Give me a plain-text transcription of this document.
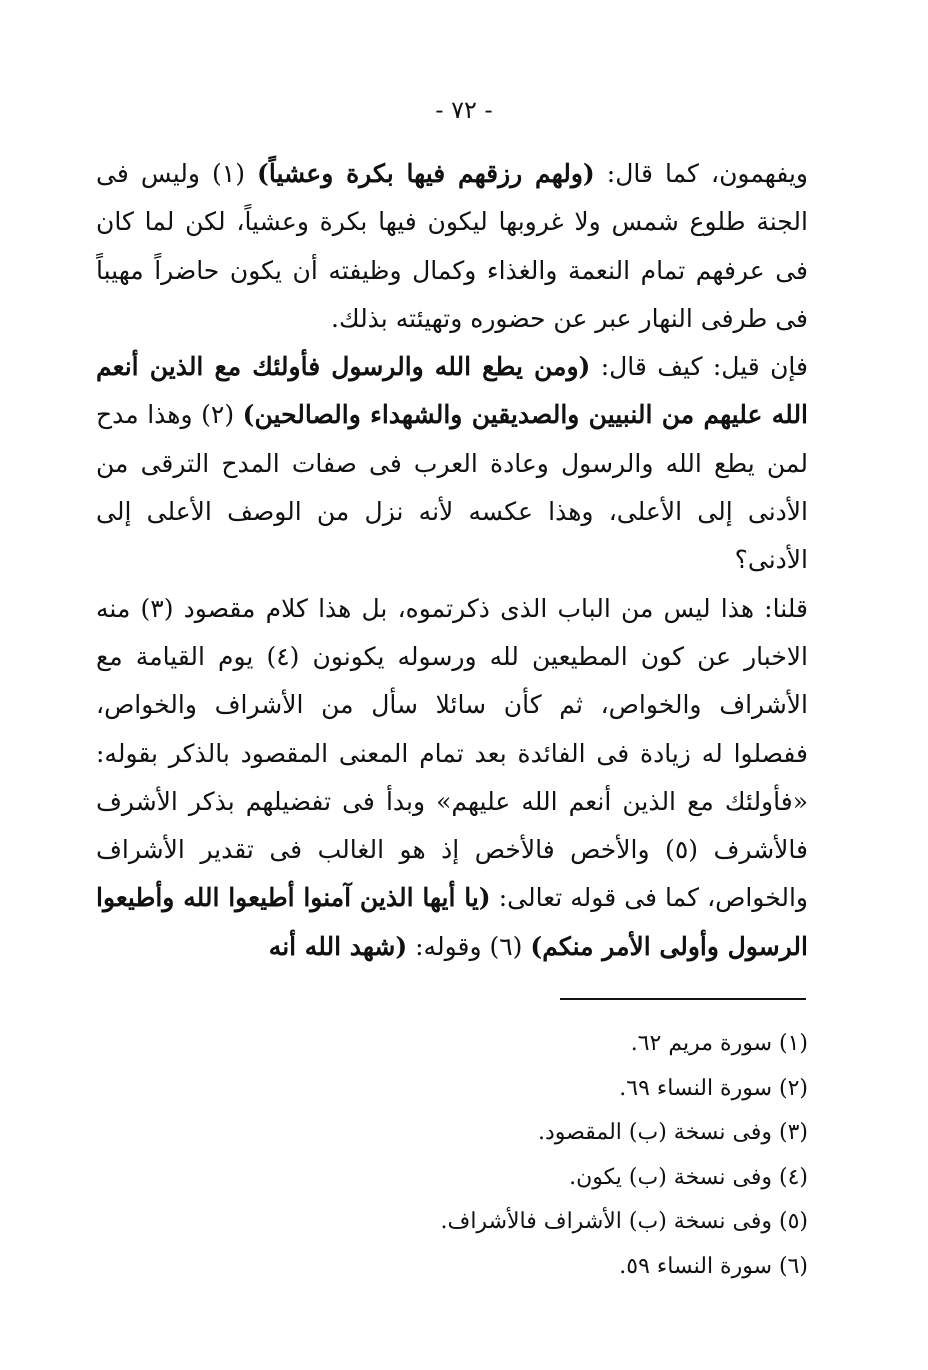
- ٧٢ -

ويفهمون، كما قال: (ولهم رزقهم فيها بكرة وعشياً) (١) وليس فى الجنة طلوع شمس ولا غروبها ليكون فيها بكرة وعشياً، لكن لما كان فى عرفهم تمام النعمة والغذاء وكمال وظيفته أن يكون حاضراً مهيباً فى طرفى النهار عبر عن حضوره وتهيئته بذلك.

فإن قيل: كيف قال: (ومن يطع الله والرسول فأولئك مع الذين أنعم الله عليهم من النبيين والصديقين والشهداء والصالحين) (٢) وهذا مدح لمن يطع الله والرسول وعادة العرب فى صفات المدح الترقى من الأدنى إلى الأعلى، وهذا عكسه لأنه نزل من الوصف الأعلى إلى الأدنى؟

قلنا: هذا ليس من الباب الذى ذكرتموه، بل هذا كلام مقصود (٣) منه الاخبار عن كون المطيعين لله ورسوله يكونون (٤) يوم القيامة مع الأشراف والخواص، ثم كأن سائلا سأل من الأشراف والخواص، ففصلوا له زيادة فى الفائدة بعد تمام المعنى المقصود بالذكر بقوله: «فأولئك مع الذين أنعم الله عليهم» وبدأ فى تفضيلهم بذكر الأشرف فالأشرف (٥) والأخص فالأخص إذ هو الغالب فى تقدير الأشراف والخواص، كما فى قوله تعالى: (يا أيها الذين آمنوا أطيعوا الله وأطيعوا الرسول وأولى الأمر منكم) (٦) وقوله: (شهد الله أنه

(١) سورة مريم ٦٢.
(٢) سورة النساء ٦٩.
(٣) وفى نسخة (ب) المقصود.
(٤) وفى نسخة (ب) يكون.
(٥) وفى نسخة (ب) الأشراف فالأشراف.
(٦) سورة النساء ٥٩.
